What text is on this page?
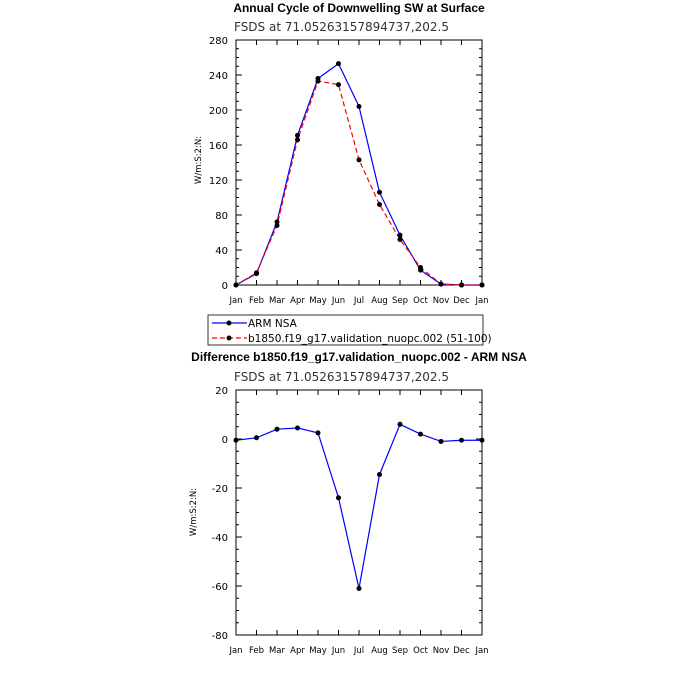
Annual Cycle of Downwelling SW at Surface
FSDS at 71.05263157894737,202.5
W/m:S:2:N:
Jan Feb Mar Apr May Jun Jul Aug Sep Oct Nov Dec Jan
0
40
80
120
160
200
240
280
ARM NSA
b1850.f19_g17.validation_nuopc.002 (51-100)
Difference b1850.f19_g17.validation_nuopc.002 - ARM NSA
FSDS at 71.05263157894737,202.5
W/m:S:2:N:
Jan Feb Mar Apr May Jun Jul Aug Sep Oct Nov Dec Jan
-80
-60
-40
-20
0
20
